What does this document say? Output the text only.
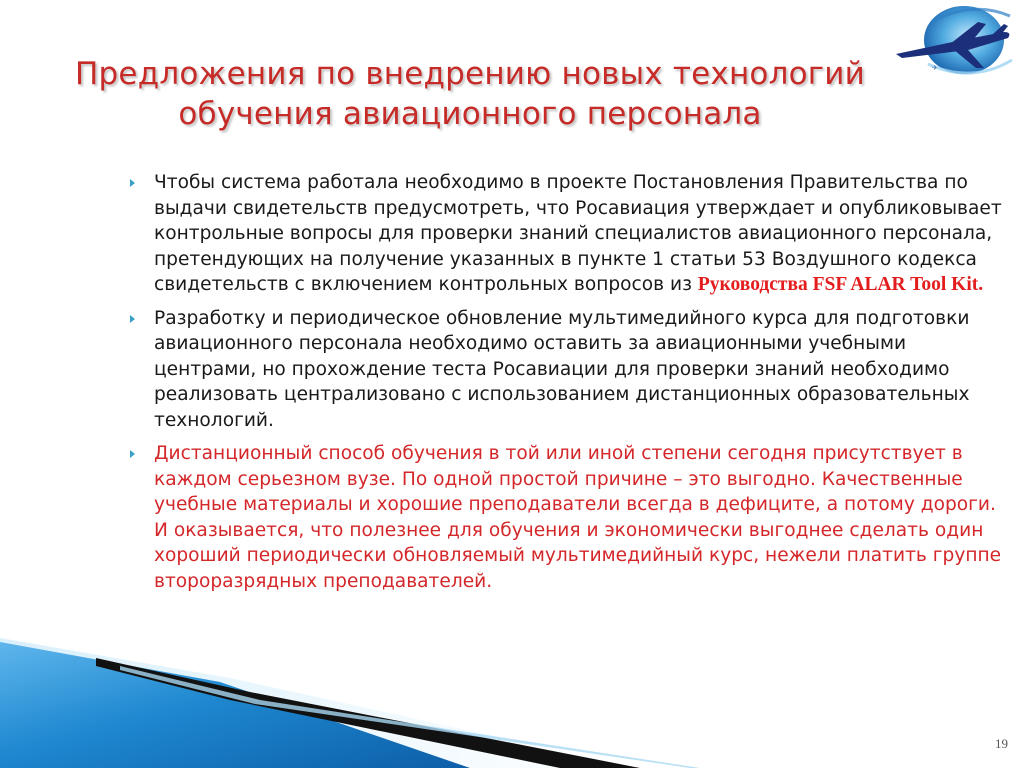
✈
Предложения по внедрению новых технологий
обучения авиационного персонала
Чтобы система работала необходимо в проекте Постановления Правительства по выдачи свидетельств предусмотреть, что Росавиация утверждает и опубликовывает контрольные вопросы для проверки знаний специалистов авиационного персонала, претендующих на получение указанных в пункте 1 статьи 53 Воздушного кодекса свидетельств с включением контрольных вопросов из Руководства FSF ALAR Tool Kit.
Разработку и периодическое обновление мультимедийного курса для подготовки авиационного персонала необходимо оставить за авиационными учебными центрами, но прохождение теста Росавиации для проверки знаний необходимо реализовать централизовано с использованием дистанционных образовательных технологий.
Дистанционный способ обучения в той или иной степени сегодня присутствует в каждом серьезном вузе. По одной простой причине – это выгодно. Качественные учебные материалы и хорошие преподаватели всегда в дефиците, а потому дороги. И оказывается, что полезнее для обучения и экономически выгоднее сделать один хороший периодически обновляемый мультимедийный курс, нежели платить группе второразрядных преподавателей.
19
